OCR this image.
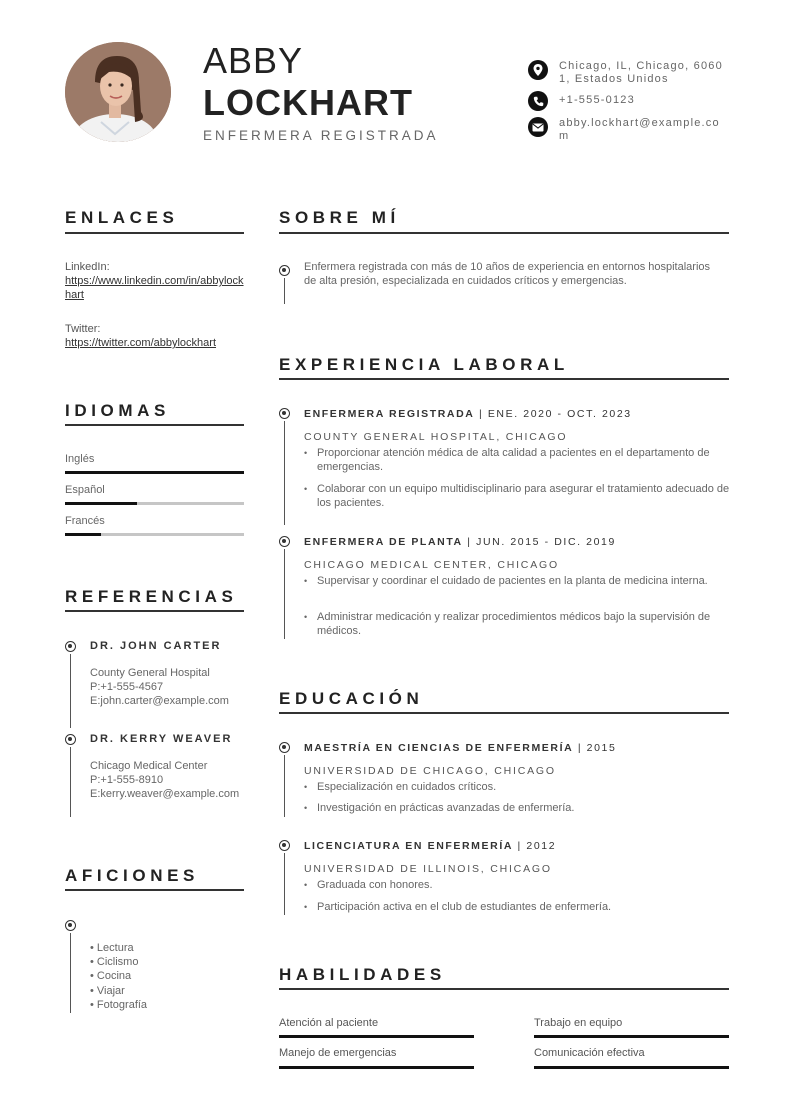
ABBY
LOCKHART
ENFERMERA REGISTRADA
Chicago, IL, Chicago, 60601, Estados Unidos
+1-555-0123
abby.lockhart@example.com
ENLACES
LinkedIn:
https://www.linkedin.com/in/abbylockhart
Twitter:
https://twitter.com/abbylockhart
IDIOMAS
Inglés
Español
Francés
REFERENCIAS
DR. JOHN CARTER
County General Hospital
P:+1-555-4567
E:john.carter@example.com
DR. KERRY WEAVER
Chicago Medical Center
P:+1-555-8910
E:kerry.weaver@example.com
AFICIONES
• Lectura
• Ciclismo
• Cocina
• Viajar
• Fotografía
SOBRE MÍ
Enfermera registrada con más de 10 años de experiencia en entornos hospitalarios de alta presión, especializada en cuidados críticos y emergencias.
EXPERIENCIA LABORAL
ENFERMERA REGISTRADA | ENE. 2020 - OCT. 2023
COUNTY GENERAL HOSPITAL, CHICAGO
• Proporcionar atención médica de alta calidad a pacientes en el departamento de emergencias.
• Colaborar con un equipo multidisciplinario para asegurar el tratamiento adecuado de los pacientes.
ENFERMERA DE PLANTA | JUN. 2015 - DIC. 2019
CHICAGO MEDICAL CENTER, CHICAGO
• Supervisar y coordinar el cuidado de pacientes en la planta de medicina interna.
• Administrar medicación y realizar procedimientos médicos bajo la supervisión de médicos.
EDUCACIÓN
MAESTRÍA EN CIENCIAS DE ENFERMERÍA | 2015
UNIVERSIDAD DE CHICAGO, CHICAGO
• Especialización en cuidados críticos.
• Investigación en prácticas avanzadas de enfermería.
LICENCIATURA EN ENFERMERÍA | 2012
UNIVERSIDAD DE ILLINOIS, CHICAGO
• Graduada con honores.
• Participación activa en el club de estudiantes de enfermería.
HABILIDADES
Atención al paciente	Trabajo en equipo
Manejo de emergencias	Comunicación efectiva
